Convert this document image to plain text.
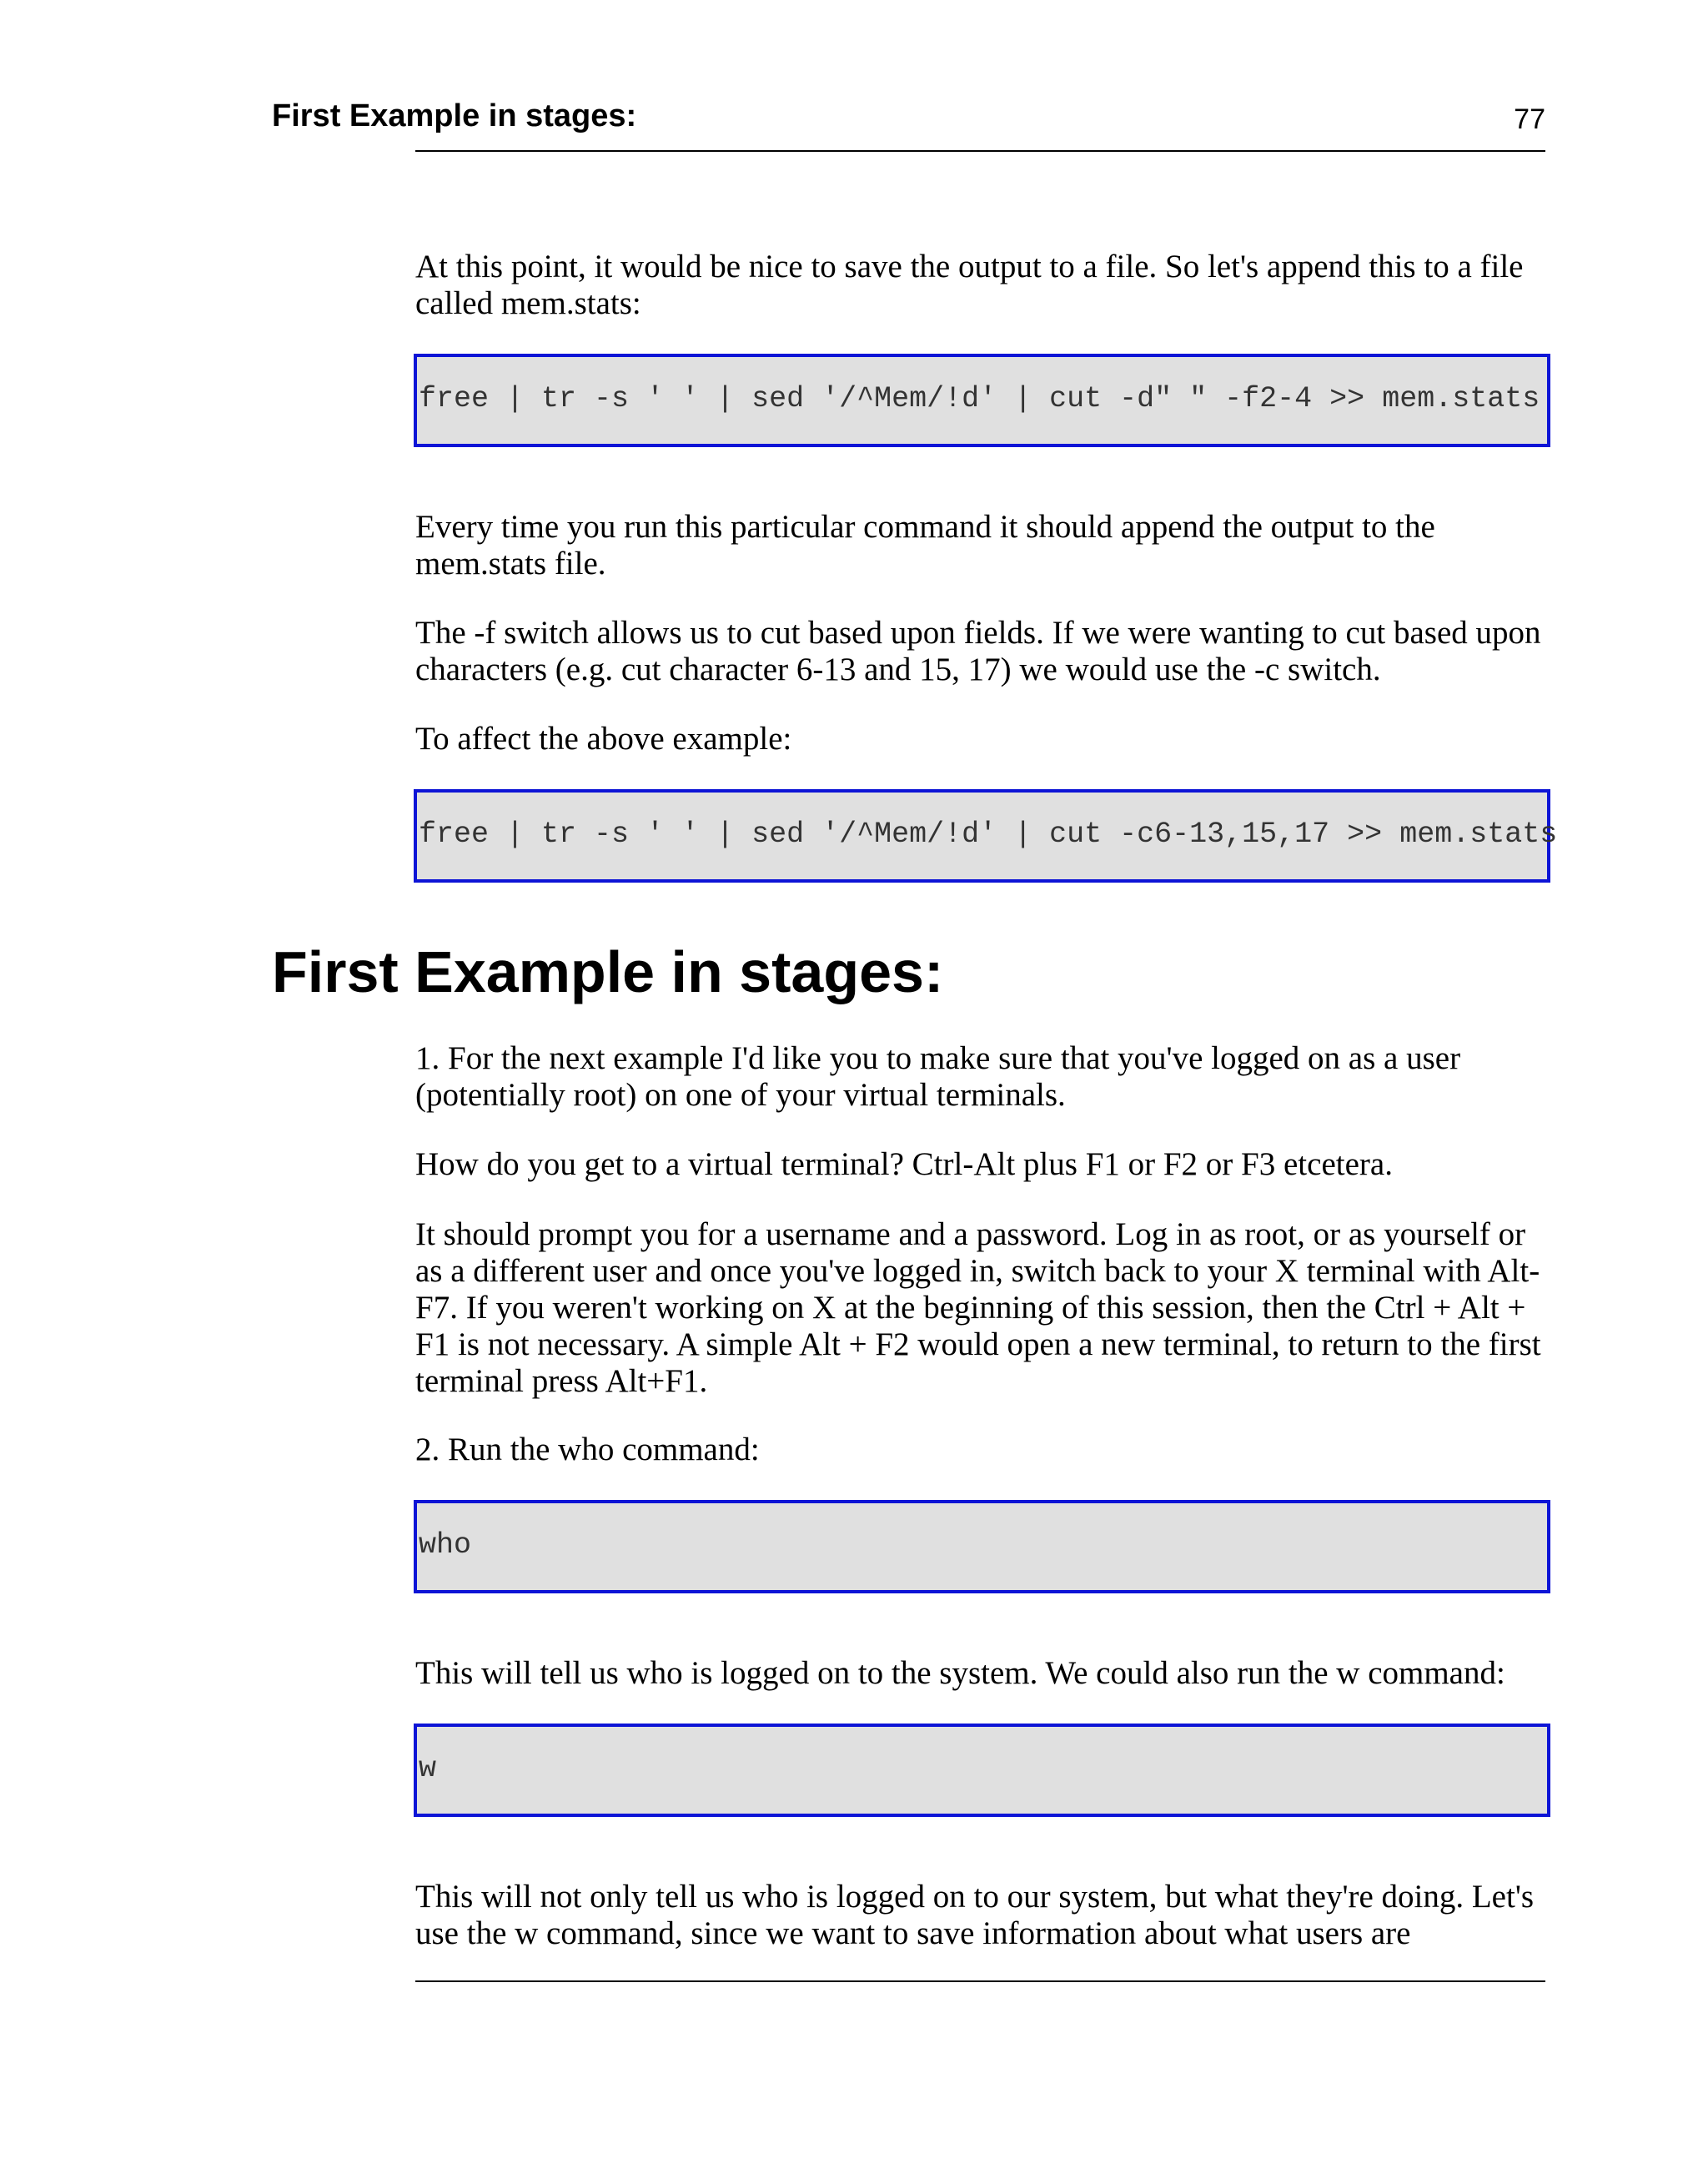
First Example in stages:	77

At this point, it would be nice to save the output to a file. So let's append this to a file called mem.stats:

free | tr -s ' ' | sed '/^Mem/!d' | cut -d" " -f2-4 >> mem.stats

Every time you run this particular command it should append the output to the mem.stats file.

The -f switch allows us to cut based upon fields. If we were wanting to cut based upon characters (e.g. cut character 6-13 and 15, 17) we would use the -c switch.

To affect the above example:

free | tr -s ' ' | sed '/^Mem/!d' | cut -c6-13,15,17 >> mem.stats
First Example in stages:

1. For the next example I'd like you to make sure that you've logged on as a user (potentially root) on one of your virtual terminals.

How do you get to a virtual terminal? Ctrl-Alt plus F1 or F2 or F3 etcetera.

It should prompt you for a username and a password. Log in as root, or as yourself or as a different user and once you've logged in, switch back to your X terminal with Alt-F7. If you weren't working on X at the beginning of this session, then the Ctrl + Alt + F1 is not necessary. A simple Alt + F2 would open a new terminal, to return to the first terminal press Alt+F1.

2. Run the who command:

who

This will tell us who is logged on to the system. We could also run the w command:

w

This will not only tell us who is logged on to our system, but what they're doing. Let's use the w command, since we want to save information about what users are
